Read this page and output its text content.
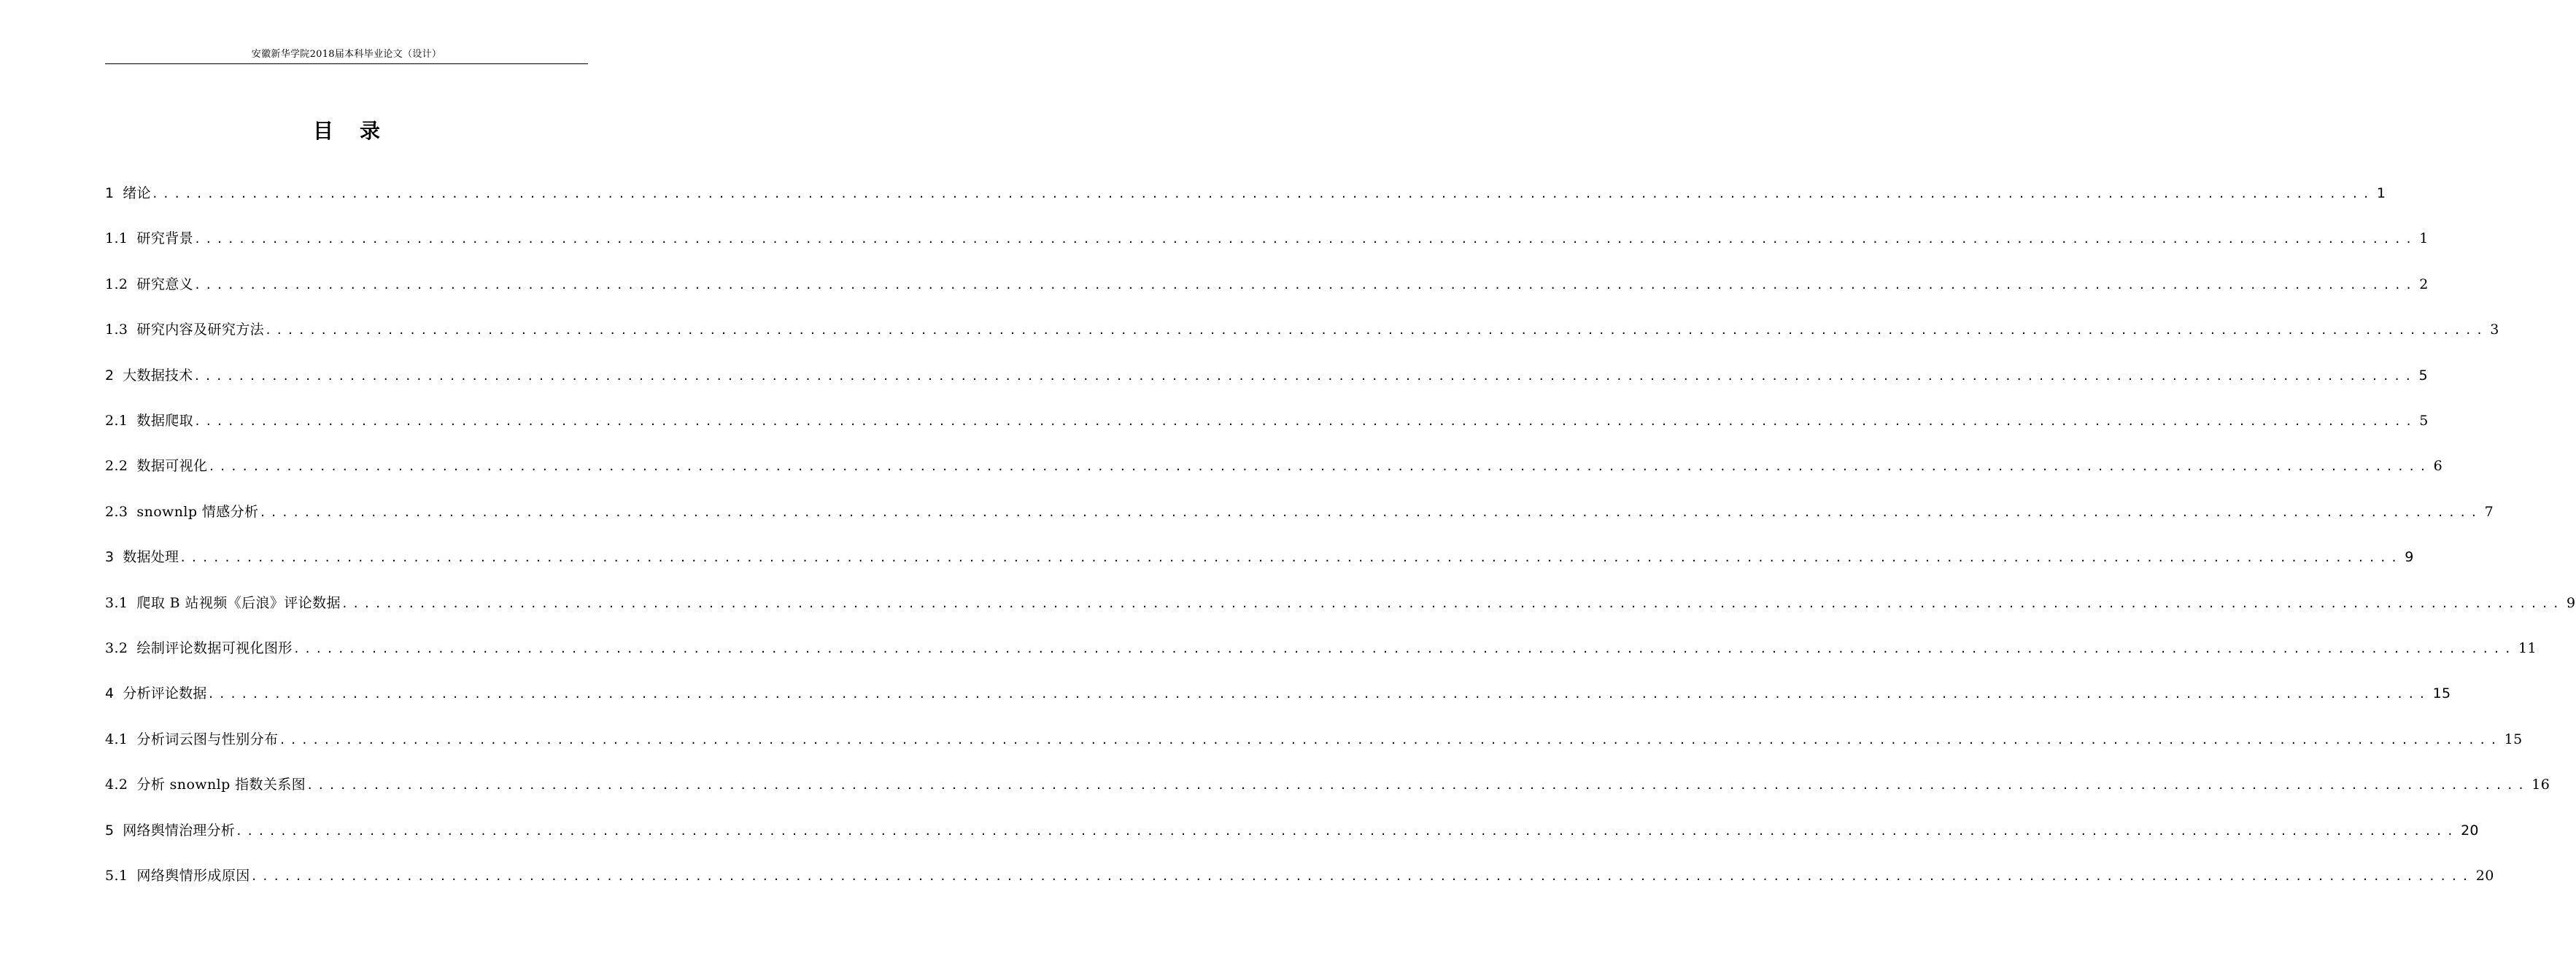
安徽新华学院2018届本科毕业论文（设计）
目录
1 绪论 ........................................................................................................................................................................................................ 1
1.1 研究背景 ........................................................................................................................................................................................................ 1
1.2 研究意义 ........................................................................................................................................................................................................ 2
1.3 研究内容及研究方法 ........................................................................................................................................................................................................ 3
2 大数据技术 ........................................................................................................................................................................................................ 5
2.1 数据爬取 ........................................................................................................................................................................................................ 5
2.2 数据可视化 ........................................................................................................................................................................................................ 6
2.3 snownlp 情感分析 ........................................................................................................................................................................................................ 7
3 数据处理 ........................................................................................................................................................................................................ 9
3.1 爬取 B 站视频《后浪》评论数据 ........................................................................................................................................................................................................ 9
3.2 绘制评论数据可视化图形 ........................................................................................................................................................................................................ 11
4 分析评论数据 ........................................................................................................................................................................................................ 15
4.1 分析词云图与性别分布 ........................................................................................................................................................................................................ 15
4.2 分析 snownlp 指数关系图 ........................................................................................................................................................................................................ 16
5 网络舆情治理分析 ........................................................................................................................................................................................................ 20
5.1 网络舆情形成原因 ........................................................................................................................................................................................................ 20
